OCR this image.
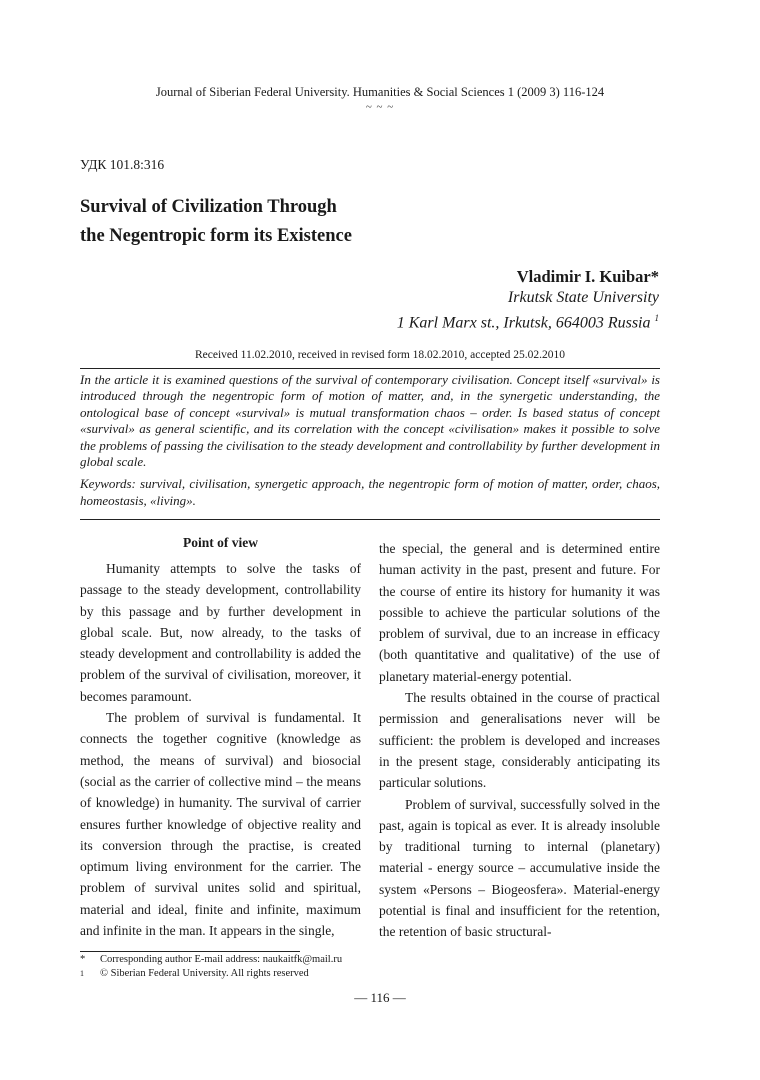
Journal of Siberian Federal University. Humanities & Social Sciences 1 (2009 3) 116-124
~ ~ ~
УДК 101.8:316
Survival of Civilization Through
the Negentropic form its Existence
Vladimir I. Kuibar*
Irkutsk State University
1 Karl Marx st., Irkutsk, 664003 Russia $^1$
Received 11.02.2010, received in revised form 18.02.2010, accepted 25.02.2010

In the article it is examined questions of the survival of contemporary civilisation. Concept itself «survival» is introduced through the negentropic form of motion of matter, and, in the synergetic understanding, the ontological base of concept «survival» is mutual transformation chaos – order. Is based status of concept «survival» as general scientific, and its correlation with the concept «civilisation» makes it possible to solve the problems of passing the civilisation to the steady development and controllability by further development in global scale.

Keywords: survival, civilisation, synergetic approach, the negentropic form of motion of matter, order, chaos, homeostasis, «living».

Point of view

Humanity attempts to solve the tasks of passage to the steady development, controllability by this passage and by further development in global scale. But, now already, to the tasks of steady development and controllability is added the problem of the survival of civilisation, moreover, it becomes paramount.

The problem of survival is fundamental. It connects the together cognitive (knowledge as method, the means of survival) and biosocial (social as the carrier of collective mind – the means of knowledge) in humanity. The survival of carrier ensures further knowledge of objective reality and its conversion through the practise, is created optimum living environment for the carrier. The problem of survival unites solid and spiritual, material and ideal, finite and infinite, maximum and infinite in the man. It appears in the single,

the special, the general and is determined entire human activity in the past, present and future. For the course of entire its history for humanity it was possible to achieve the particular solutions of the problem of survival, due to an increase in efficacy (both quantitative and qualitative) of the use of planetary material-energy potential.

The results obtained in the course of practical permission and generalisations never will be sufficient: the problem is developed and increases in the present stage, considerably anticipating its particular solutions.

Problem of survival, successfully solved in the past, again is topical as ever. It is already insoluble by traditional turning to internal (planetary) material - energy source – accumulative inside the system «Persons – Biogeosfera». Material-energy potential is final and insufficient for the retention, the retention of basic structural-

*	Corresponding author E-mail address: naukaitfk@mail.ru
1	© Siberian Federal University. All rights reserved
— 116 —
